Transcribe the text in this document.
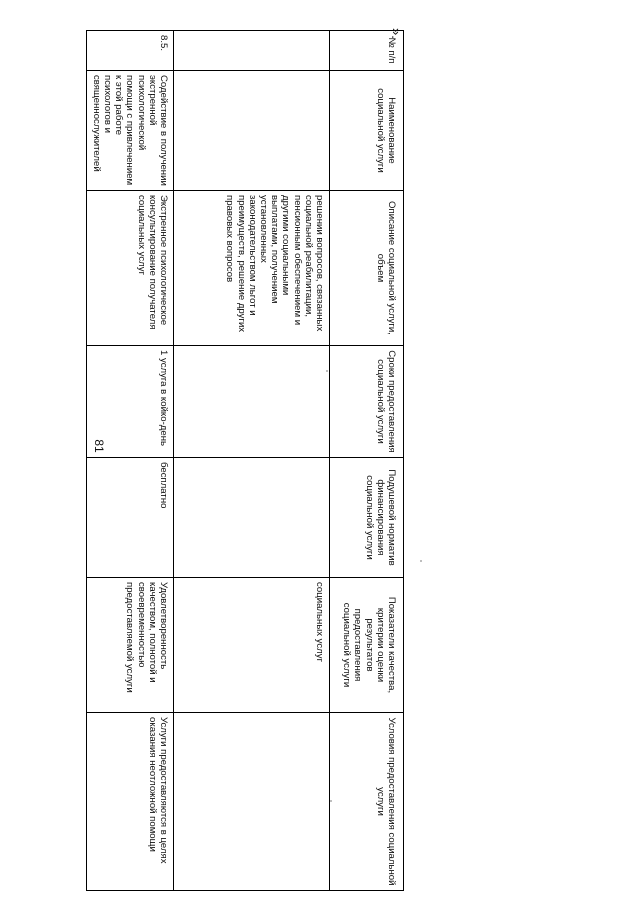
81
№ п/п	Наименование социальной услуги	Описание социальной услуги, объем	Сроки предоставления социальной услуги	Подушевой норматив финансирования социальной услуги	Показатели качества, критерии оценки результатов предоставления социальной услуги	Условия предоставления социальной услуги
		решении вопросов, связанных социальной реабилитации, пенсионным обеспечением и другими социальными выплатами, получением установленных законодательством льгот и преимуществ, решение других правовых вопросов			социальных услуг	
8.5.	Содействие в получении экстренной психологической помощи с привлечением к этой работе психологов и священнослужителей	Экстренное психологическое консультирование получателя социальных услуг	1 услуга в койко-день	бесплатно	Удовлетворенность качеством, полнотой и своевременностью предоставляемой услуги	Услуги предоставляются в целях оказания неотложной помощи
».
